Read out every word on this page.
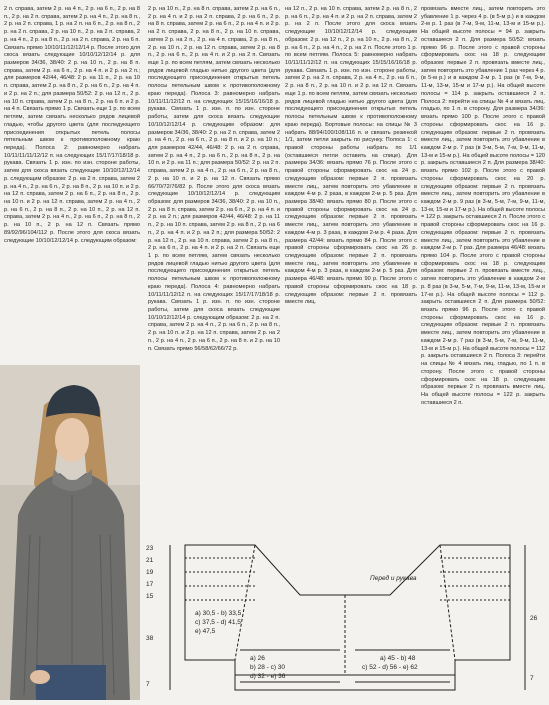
2 п. справа, затем 2 р. на 4 п., 2 р. на 6 п., 2 р. на 8 п., 2 р. на 2 п. справа, затем 2 р. на 4 п., 2 р. на 8 п., 2 р. на 2 п. справа, 1 р. на 2 п. на 6 п., 2 р. на 8 п., 2 р. на 2 п. справа, 2 р. на 10 п., 2 р. на 2 п. справа, 2 р. на 4 п., 2 р. на 8 п., 2 р. на 2 п. справа, 2 р. на 6 п. Связать прямо 10/10/11/12/12/14 р. После этого для скоса вязать следующие 10/10/12/12/14 р. для размеров 34/36, 38/40: 2 р. на 10 п., 2 р. на 8 п. справа, затем 2 р. на 6 п., 2 р. на 4 п. и 2 р. на 2 п.; для размеров 42/44, 46/48: 2 р. на 11 п., 2 р. на 10 п. справа, затем 2 р. на 8 п., 2 р. на 6 п., 2 р. на 4 п. и 2 р. на 2 п.; для размера 50/52: 2 р. на 12 п., 2 р. на 10 п. справа, затем 2 р. на 8 п., 2 р. на 6 п. и 2 р. на 4 п. Связать прямо 1 р. Связать еще 1 р. по всем петлям, затем связать несколько рядов лицевой гладью, чтобы другого цвета (для последующего присоединения открытых петель полосы пятельным швом к противоположному краю переда). Полоса 2: равномерно набрать 10/11/11/11/12/12 п. на следующих 15/17/17/18/18 р. рукава. Связать 1 р. изн. по изн. стороне работы, затем для скоса вязать следующие 10/10/12/12/14 р. следующим образом: 2 р. на 2 п. справа, затем 2 р. на 4 п., 2 р. на 6 п., 2 р. на 8 п., 2 р. на 10 п. и 2 р. на 12 п. справа, затем 2 р. на 6 п., 2 р. на 8 п., 2 р. на 10 п. и 2 р. на 12 п. справа, затем 2 р. на 4 п., 2 р. на 6 п., 2 р. на 8 п., 2 р. на 10 п., 2 р. на 12 п. справа, затем 2 р. на 4 п., 2 р. на 6 п., 2 р. на 8 п., 2 р. на 10 п., 2 р. на 12 п. Связать прямо 89/92/96/104/112 р. После этого для скоса вязать следующие 10/10/12/12/14 р. следующим образом:

2 р. на 10 п., 2 р. на 8 п. справа, затем 2 р. на 6 п., 2 р. на 4 п. и 2 р. на 2 п. справа, 2 р. на 6 п., 2 р. на 8 п. справа, затем 2 р. на 6 п., 2 р. на 4 п. и 2 р. на 2 п. справа, 2 р. на 8 п., 2 р. на 10 п. справа, затем 2 р. на 2 п., 2 р. на 4 п. справа, 2 р. на 8 п., 2 р. на 10 п., 2 р. на 12 п. справа, затем 2 р. на 8 п., 2 р. на 6 п., 2 р. на 4 п. и 2 р. на 2 п. Связать еще 1 р. по всем петлям, затем связать несколько рядов лицевой гладью нитью другого цвета (для последующего присоединения открытых петель полосы петельным швом к противоположному краю переда). Полоса 3: равномерно набрать 10/11/11/12/12 п. на следующих 15/15/16/16/18 р. рукава. Связать 1 р. изн. п. по изн. стороне работы, затем для скоса вязать следующие 10/10/12/12/14 р. следующим образом: для размеров 34/36, 38/40: 2 р. на 2 п. справа, затем 2 р. на 4 п., 2 р. на 6 п., 2 р. на 8 п. и 2 р. на 10 п.; для размеров 42/44, 46/48: 2 р. на 2 п. справа, затем 2 р. на 4 п., 2 р. на 6 п., 2 р. на 8 п., 2 р. на 10 п. и 2 р. на 11 п.; для размера 50/52: 2 р. на 2 п. справа, затем 2 р. на 4 п., 2 р. на 6 п., 2 р. на 8 п., 2 р. на 10 п. и 2 р. на 12 п. Связать прямо 66/70/72/76/82 р. После этого для скоса вязать следующие 10/10/12/12/14 р. следующим образом: для размеров 34/36, 38/40: 2 р. на 10 п., 2 р. на 8 п. справа, затем 2 р. на 6 п., 2 р. на 4 п. и 2 р. на 2 п.; для размеров 42/44, 46/48: 2 р. на 11 п., 2 р. на 10 п. справа, затем 2 р. на 8 п., 2 р. на 6 п., 2 р. на 4 п. и 2 р. на 2 п.; для размера 50/52: 2 р. на 12 п., 2 р. на 10 п. справа, затем 2 р. на 8 п., 2 р. на 6 п., 2 р. на 4 п. и 2 р. на 2 п. Связать еще 1 р. по всем петлям, затем связать несколько рядов лицевой гладью нитью другого цвета (для последующего присоединения открытых петель полосы петельным швом к противоположному краю переда). Полоса 4: равномерно набрать 10/11/11/12/12 п. на следующих 15/17/17/18/18 р. рукава. Связать 1 р. изн. п. по изн. стороне работы, затем для скоса вязать следующие 10/10/12/12/14 р. следующим образом: 2 р. на 2 п. справа, затем 2 р. на 4 п., 2 р. на 6 п., 2 р. на 8 п., 2 р. на 10 п. и 2 р. на 12 п. справа, затем 2 р. на 2 п., 2 р. на 4 п., 2 р. на 6 п., 2 р. на 8 п. и 2 р. на 10 п. Связать прямо 56/58/62/66/72 р.

на 12 п., 2 р. на 10 п. справа, затем 2 р. на 8 п., 2 р. на 6 п., 2 р. на 4 п. и 2 р. на 2 п. справа, затем 2 р. на 2 п. После этого для скоса вязать следующие 10/10/12/12/14 р. следующим образом: 2 р. на 12 п., 2 р. на 10 п., 2 р. на 8 п., 2 р. на 6 п., 2 р. на 4 п., 2 р. на 2 п. После этого 1 р. по всем петлям. Полоса 5: равномерно набрать 10/11/11/12/12 п. на следующих 15/15/16/16/18 р. рукава. Связать 1 р. изн. по изн. стороне работы, затем 2 р. на 2 п. справа, 2 р. на 4 п., 2 р. на 6 п., 2 р. на 8 п., 2 р. на 10 п. и 2 р. на 12 п. Связать еще 1 р. по всем петлям, затем связать несколько рядов лицевой гладью нитью другого цвета (для последующего присоединения открытых петель полосы петельным швом к противоположному краю переда). Бортовые полосы: на спицы № 3 набрать 88/94/100/108/116 п. и связать резинкой 1/1, затем петли закрыть по рисунку. Полоса 1: с правой стороны работы набрать по 1/1 (оставшиеся петли оставить на спице). Для размера 34/36: вязать прямо 76 р. После этого с правой стороны сформировать скос на 24 р. следующим образом: первые 2 п. провязать вместе лиц., затем повторить это убавление в каждом 4-м р. 2 раза, в каждом 2-м р. 5 раз. Для размера 38/40: вязать прямо 80 р. После этого с правой стороны сформировать скос на 24 р. следующим образом: первые 2 п. провязать вместе лиц., затем повторить это убавление в каждом 4-м р. 3 раза, в каждом 2-м р. 4 раза. Для размера 42/44: вязать прямо 84 р. После этого с правой стороны сформировать скос на 26 р. следующим образом: первые 2 п. провязать вместе лиц., затем повторить это убавление в каждом 4-м р. 3 раза, в каждом 2-м р. 5 раз. Для размера 46/48: вязать прямо 90 р. После этого с правой стороны сформировать скос на 18 р. следующим образом: первые 2 п. провязать вместе лиц.

провязать вместе лиц., затем повторить это убавление 1 р. через 4 р. (в 5-м р.) и в каждом 2-м р. 1 раз (в 7-м, 9-м, 11-м, 13-м и 15-м р.). На общей высоте полосы = 94 р. закрыть оставшиеся 2 п. Для размера 50/52: вязать прямо 96 р. После этого с правой стороны сформировать скос на 18 р. следующим образом: первые 2 п. провязать вместе лиц., затем повторить это убавление 1 раз через 4 р. (в 5-м р.) и в каждом 2-м р. 1 раз (в 7-м, 9-м, 11-м, 13-м, 15-м и 17-м р.). На общей высоте полосы = 114 р. закрыть оставшиеся 2 п. Полоса 2: перейти на спицы № 4 и вязать лиц. гладью, по 1 п. в сторону. Для размера 34/36: вязать прямо 100 р. После этого с правой стороны сформировать скос на 16 р. следующим образом: первые 2 п. провязать вместе лиц., затем повторить это убавление в каждом 2-м р. 7 раз (в 3-м, 5-м, 7-м, 9-м, 11-м, 13-м и 15-м р.). На общей высоте полосы = 120 р. закрыть оставшиеся 2 п. Для размера 38/40: вязать прямо 102 р. После этого с правой стороны сформировать скос на 20 р. следующим образом: первые 2 п. провязать вместе лиц., затем повторить это убавление в каждом 2-м р. 9 раз (в 3-м, 5-м, 7-м, 9-м, 11-м, 13-м, 15-м и 17-м р.). На общей высоте полосы = 122 р. закрыть оставшиеся 2 п. После этого с правой стороны сформировать скос на 16 р. следующим образом: первые 2 п. провязать вместе лиц., затем повторить это убавление в каждом 2-м р. 7 раз. Для размера 46/48: вязать прямо 104 р. После этого с правой стороны сформировать скос на 18 р. следующим образом: первые 2 п. провязать вместе лиц., затем повторить это убавление в каждом 2-м р. 8 раз (в 3-м, 5-м, 7-м, 9-м, 11-м, 13-м, 15-м и 17-м р.). На общей высоте полосы = 112 р. закрыть оставшиеся 2 п. Для размера 50/52: вязать прямо 96 р. После этого с правой стороны сформировать скос на 16 р. следующим образом: первые 2 п. провязать вместе лиц., затем повторить это убавление в каждом 2-м р. 7 раз (в 3-м, 5-м, 7-м, 9-м, 11-м, 13-м и 15-м р.). На общей высоте полосы = 112 р. закрыть оставшиеся 2 п. Полоса 3: перейти на спицы № 4 вязать лиц. гладью, по 1 п. в сторону. После этого с правой стороны сформировать скос на 18 р. следующим образом: первые 2 п. провязать вместе лиц. На общей высоте полосы = 122 р. закрыть оставшиеся 2 п.

23
21
19
17
15
38
7
26
7
Перед и рукава
a) 30,5 - b) 33,5
c) 37,5 - d) 41,5
e) 47,5
a) 26
b) 28 - c) 30
d) 32 - e) 36
a) 45 - b) 48
c) 52 - d) 56 - e) 62
